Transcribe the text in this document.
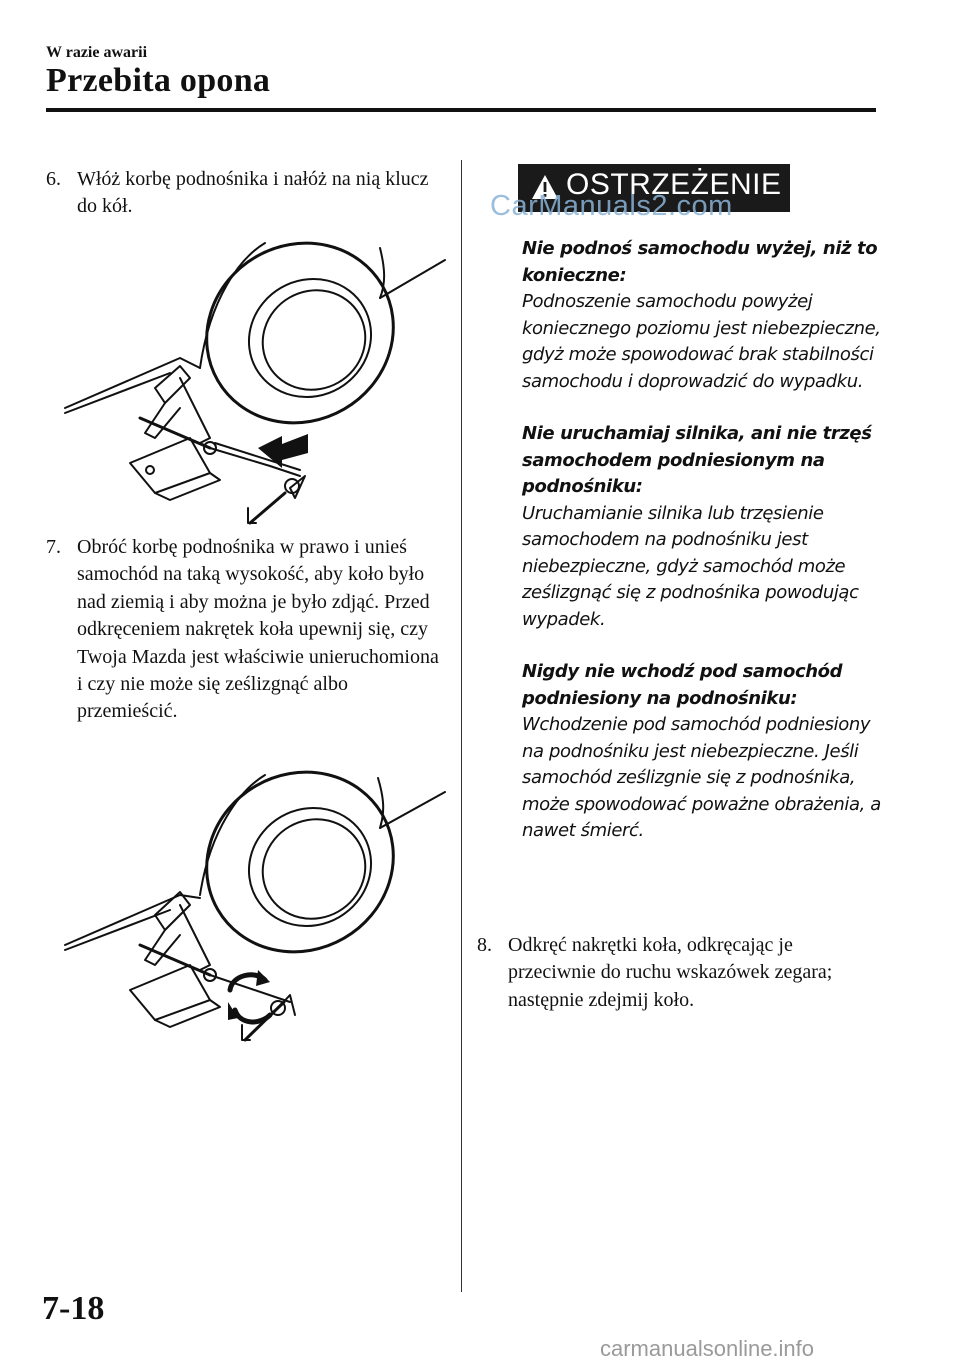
W razie awarii
Przebita opona
6. Włóż korbę podnośnika i nałóż na nią klucz do kół.
7. Obróć korbę podnośnika w prawo i unieś samochód na taką wysokość, aby koło było nad ziemią i aby można je było zdjąć. Przed odkręceniem nakrętek koła upewnij się, czy Twoja Mazda jest właściwie unieruchomiona i czy nie może się ześlizgnąć albo przemieścić.
OSTRZEŻENIE
CarManuals2.com
Nie podnoś samochodu wyżej, niż to konieczne:
Podnoszenie samochodu powyżej koniecznego poziomu jest niebezpieczne, gdyż może spowodować brak stabilności samochodu i doprowadzić do wypadku.
Nie uruchamiaj silnika, ani nie trzęś samochodem podniesionym na podnośniku:
Uruchamianie silnika lub trzęsienie samochodem na podnośniku jest niebezpieczne, gdyż samochód może ześlizgnąć się z podnośnika powodując wypadek.
Nigdy nie wchodź pod samochód podniesiony na podnośniku:
Wchodzenie pod samochód podniesiony na podnośniku jest niebezpieczne. Jeśli samochód ześlizgnie się z podnośnika, może spowodować poważne obrażenia, a nawet śmierć.
8. Odkręć nakrętki koła, odkręcając je przeciwnie do ruchu wskazówek zegara; następnie zdejmij koło.
7-18
carmanualsonline.info
